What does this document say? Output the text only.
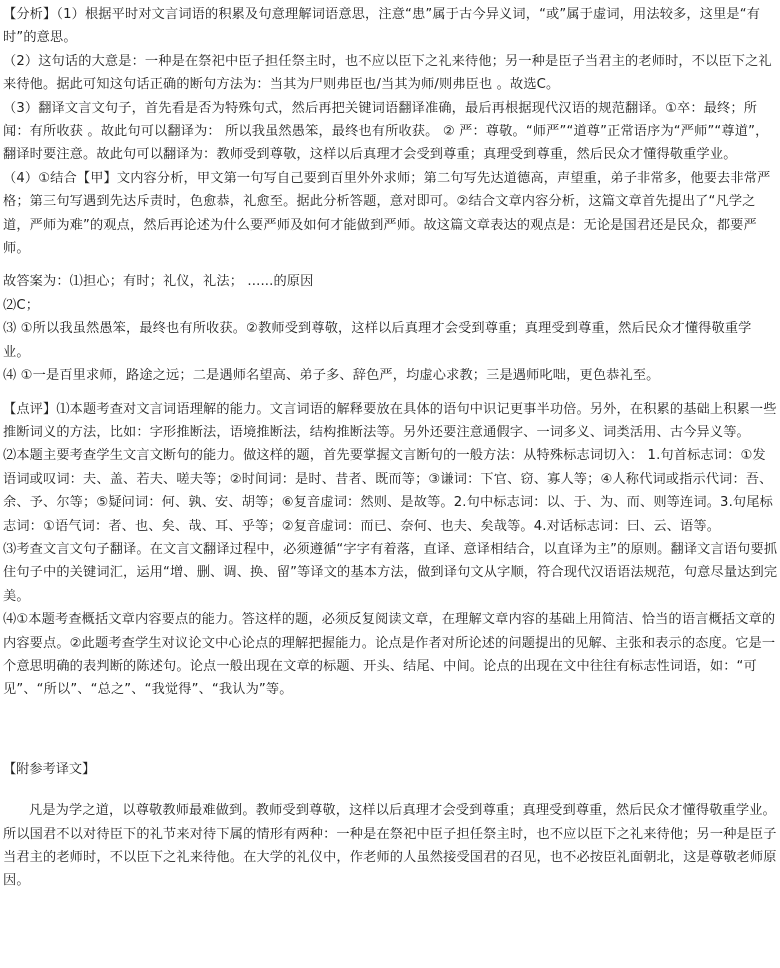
【分析】（1）根据平时对文言词语的积累及句意理解词语意思，注意“患”属于古今异义词，“或”属于虚词，用法较多，这里是“有时”的意思。

（2）这句话的大意是：一种是在祭祀中臣子担任祭主时，也不应以臣下之礼来待他；另一种是臣子当君主的老师时，不以臣下之礼来待他。据此可知这句话正确的断句方法为：当其为尸则弗臣也/当其为师/则弗臣也 。故选C。

（3）翻译文言文句子，首先看是否为特殊句式，然后再把关键词语翻译准确，最后再根据现代汉语的规范翻译。①卒：最终；所闻：有所收获 。故此句可以翻译为： 所以我虽然愚笨，最终也有所收获。 ② 严：尊敬。“师严”“道尊”正常语序为“严师”“尊道”，翻译时要注意。故此句可以翻译为：教师受到尊敬，这样以后真理才会受到尊重；真理受到尊重，然后民众才懂得敬重学业。

（4）①结合【甲】文内容分析，甲文第一句写自己要到百里外外求师；第二句写先达道德高，声望重，弟子非常多，他要去非常严格；第三句写遇到先达斥责时，色愈恭，礼愈至。据此分析答题，意对即可。②结合文章内容分析，这篇文章首先提出了“凡学之道，严师为难”的观点，然后再论述为什么要严师及如何才能做到严师。故这篇文章表达的观点是：无论是国君还是民众，都要严师。

故答案为：⑴担心；有时；礼仪，礼法； ......的原因

⑵C；

⑶ ①所以我虽然愚笨，最终也有所收获。②教师受到尊敬，这样以后真理才会受到尊重；真理受到尊重，然后民众才懂得敬重学业。

⑷ ①一是百里求师，路途之远；二是遇师名望高、弟子多、辞色严，均虚心求教；三是遇师叱咄，更色恭礼至。

【点评】⑴本题考查对文言词语理解的能力。文言词语的解释要放在具体的语句中识记更事半功倍。另外，在积累的基础上积累一些推断词义的方法，比如：字形推断法，语境推断法，结构推断法等。另外还要注意通假字、一词多义、词类活用、古今异义等。

⑵本题主要考查学生文言文断句的能力。做这样的题，首先要掌握文言断句的一般方法：从特殊标志词切入： 1.句首标志词：①发语词或叹词：夫、盖、若夫、嗟夫等；②时间词：是时、昔者、既而等；③谦词：下官、窃、寡人等；④人称代词或指示代词：吾、余、予、尔等；⑤疑问词：何、孰、安、胡等；⑥复音虚词：然则、是故等。2.句中标志词：以、于、为、而、则等连词。3.句尾标志词：①语气词：者、也、矣、哉、耳、乎等；②复音虚词：而已、奈何、也夫、矣哉等。4.对话标志词：曰、云、语等。

⑶考查文言文句子翻译。在文言文翻译过程中，必须遵循“字字有着落，直译、意译相结合，以直译为主”的原则。翻译文言语句要抓住句子中的关键词汇，运用“增、删、调、换、留”等译文的基本方法，做到译句文从字顺，符合现代汉语语法规范，句意尽量达到完美。

⑷①本题考查概括文章内容要点的能力。答这样的题，必须反复阅读文章，在理解文章内容的基础上用简洁、恰当的语言概括文章的内容要点。②此题考查学生对议论文中心论点的理解把握能力。论点是作者对所论述的问题提出的见解、主张和表示的态度。它是一个意思明确的表判断的陈述句。论点一般出现在文章的标题、开头、结尾、中间。论点的出现在文中往往有标志性词语，如：“可见”、“所以”、“总之”、“我觉得”、“我认为”等。

【附参考译文】

凡是为学之道，以尊敬教师最难做到。教师受到尊敬，这样以后真理才会受到尊重；真理受到尊重，然后民众才懂得敬重学业。所以国君不以对待臣下的礼节来对待下属的情形有两种：一种是在祭祀中臣子担任祭主时，也不应以臣下之礼来待他；另一种是臣子当君主的老师时，不以臣下之礼来待他。在大学的礼仪中，作老师的人虽然接受国君的召见，也不必按臣礼面朝北，这是尊敬老师原因。
